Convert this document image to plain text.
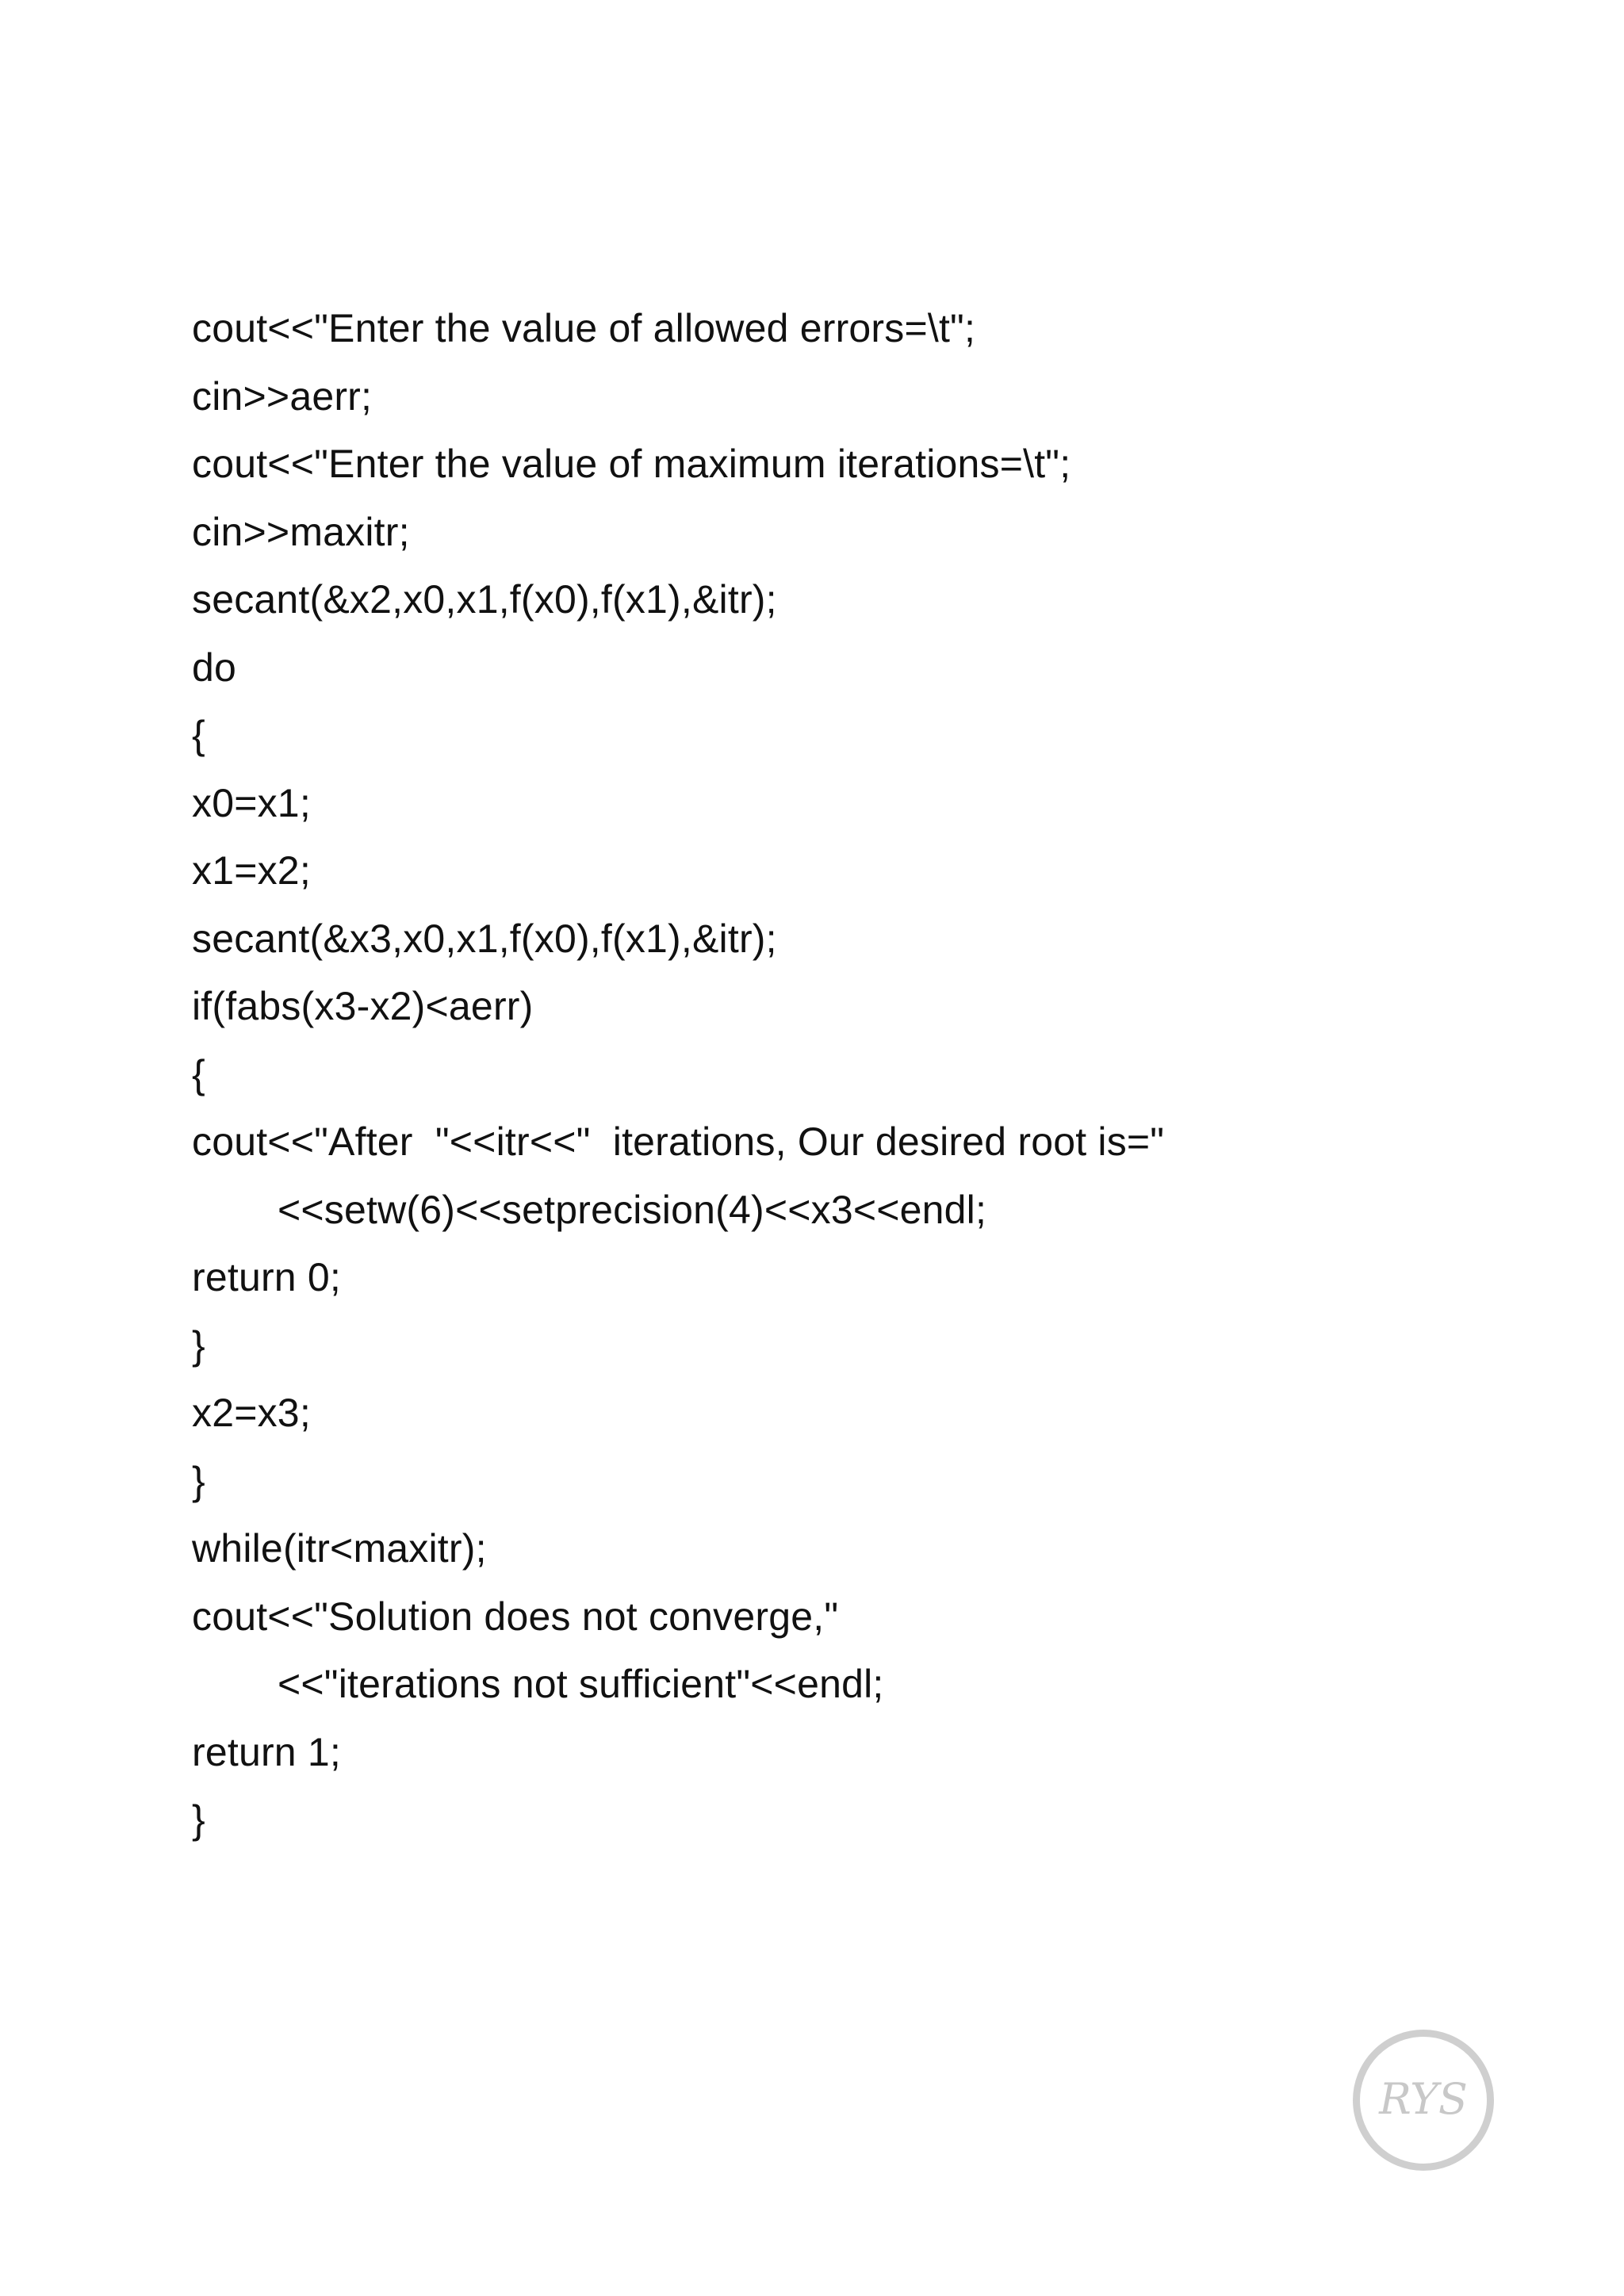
cout<<"Enter the value of allowed errors=\t";
cin>>aerr;
cout<<"Enter the value of maximum iterations=\t";
cin>>maxitr;
secant(&x2,x0,x1,f(x0),f(x1),&itr);
do
{
x0=x1;
x1=x2;
secant(&x3,x0,x1,f(x0),f(x1),&itr);
if(fabs(x3-x2)<aerr)
{
cout<<"After  "<<itr<<"  iterations, Our desired root is="
<<setw(6)<<setprecision(4)<<x3<<endl;
return 0;
}
x2=x3;
}
while(itr<maxitr);
cout<<"Solution does not converge,"
<<"iterations not sufficient"<<endl;
return 1;
}
RYS
